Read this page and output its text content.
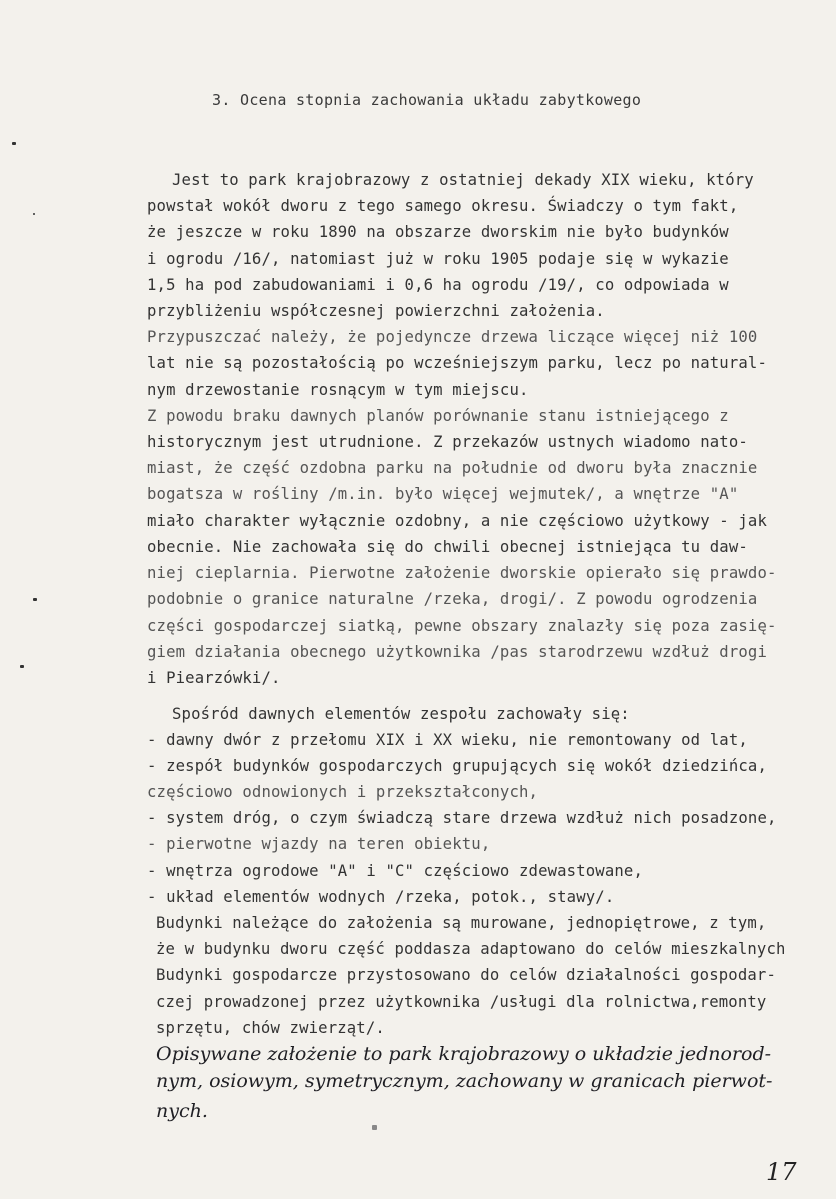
3. Ocena stopnia zachowania układu zabytkowego
Jest to park krajobrazowy z ostatniej dekady XIX wieku, który
powstał wokół dworu z tego samego okresu. Świadczy o tym fakt,
że jeszcze w roku 1890 na obszarze dworskim nie było budynków
i ogrodu /16/, natomiast już w roku 1905 podaje się w wykazie
1,5 ha pod zabudowaniami i 0,6 ha ogrodu /19/, co odpowiada w
przybliżeniu współczesnej powierzchni założenia.
Przypuszczać należy, że pojedyncze drzewa liczące więcej niż 100
lat nie są pozostałością po wcześniejszym parku, lecz po natural-
nym drzewostanie rosnącym w tym miejscu.
Z powodu braku dawnych planów porównanie stanu istniejącego z
historycznym jest utrudnione. Z przekazów ustnych wiadomo nato-
miast, że część ozdobna parku na południe od dworu była znacznie
bogatsza w rośliny /m.in. było więcej wejmutek/, a wnętrze "A"
miało charakter wyłącznie ozdobny, a nie częściowo użytkowy - jak
obecnie. Nie zachowała się do chwili obecnej istniejąca tu daw-
niej cieplarnia. Pierwotne założenie dworskie opierało się prawdo-
podobnie o granice naturalne /rzeka, drogi/. Z powodu ogrodzenia
części gospodarczej siatką, pewne obszary znalazły się poza zasię-
giem działania obecnego użytkownika /pas starodrzewu wzdłuż drogi
i Piearzówki/.
Spośród dawnych elementów zespołu zachowały się:
- dawny dwór z przełomu XIX i XX wieku, nie remontowany od lat,
- zespół budynków gospodarczych grupujących się wokół dziedzińca,
częściowo odnowionych i przekształconych,
- system dróg, o czym świadczą stare drzewa wzdłuż nich posadzone,
- pierwotne wjazdy na teren obiektu,
- wnętrza ogrodowe "A" i "C" częściowo zdewastowane,
- układ elementów wodnych /rzeka, potok., stawy/.
Budynki należące do założenia są murowane, jednopiętrowe, z tym,
że w budynku dworu część poddasza adaptowano do celów mieszkalnych
Budynki gospodarcze przystosowano do celów działalności gospodar-
czej prowadzonej przez użytkownika /usługi dla rolnictwa,remonty
sprzętu, chów zwierząt/.
Opisywane założenie to park krajobrazowy o układzie jednorod-
nym, osiowym, symetrycznym, zachowany w granicach pierwot-
nych.
17
